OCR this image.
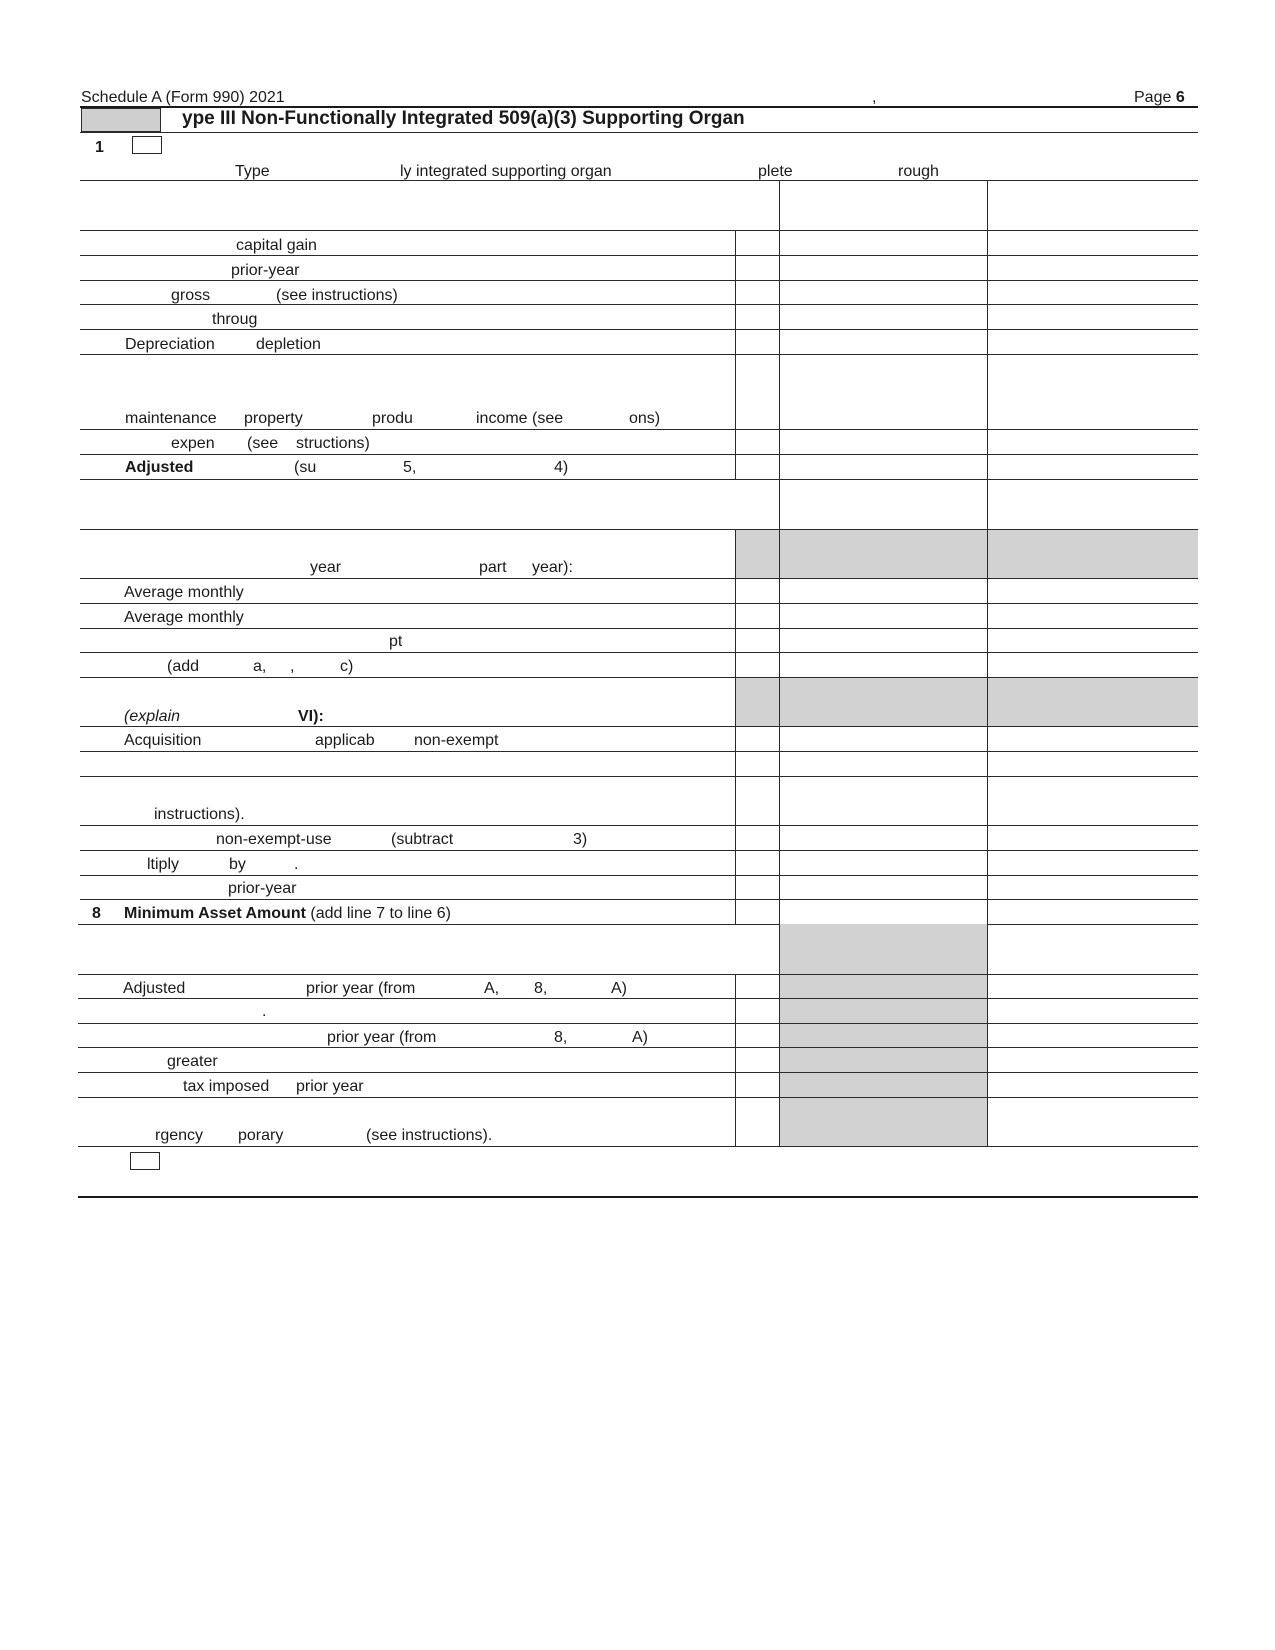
Schedule A (Form 990) 2021	,	Page 6
ype III Non-Functionally Integrated 509(a)(3) Supporting Organ
1
Type	ly integrated supporting organ	plete	rough
capital gain
prior-year
gross	(see instructions)
throug
Depreciation	depletion
maintenance property	produ	income (see	ons)
expen (see structions)
Adjusted	(su	5,	4)
year	part year):
Average monthly
Average monthly
pt
(add	a, ,	c)
(explain	VI):
Acquisition	applicab non-exempt
instructions).
non-exempt-use	(subtract	3)
ltiply	by	.
prior-year
8 Minimum Asset Amount (add line 7 to line 6)
Adjusted	prior year (from	A, 8,	A)
.
prior year (from	8,	A)
greater
tax imposed prior year
rgency porary	(see instructions).
